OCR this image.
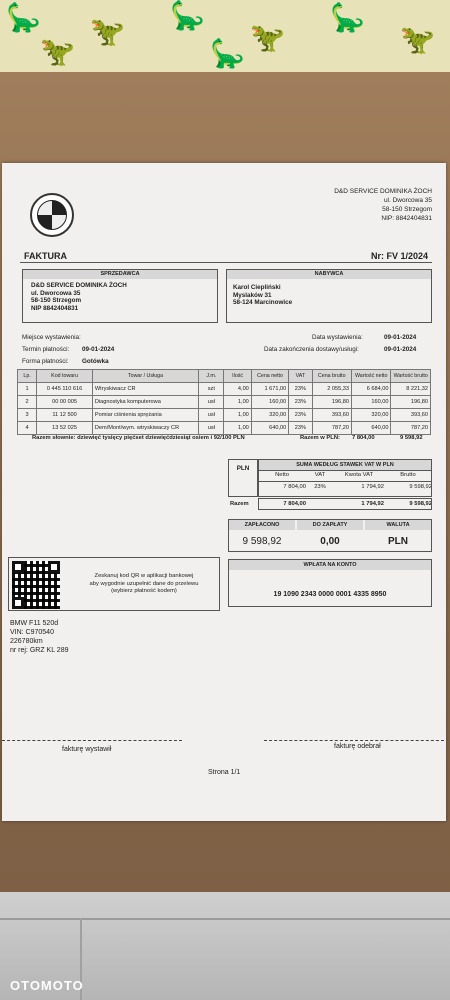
🦕 🦖
🦕
🦖
🦕
🦖
🦖	🦕
D&D SERVICE DOMINIKA ŻOCH
ul. Dworcowa 35
58-150 Strzegom
NIP: 8842404831
FAKTURA	Nr: FV 1/2024
SPRZEDAWCA
D&D SERVICE DOMINIKA ŻOCH
ul. Dworcowa 35
58-150 Strzegom
NIP 8842404831
NABYWCA
Karol Ciepliński
Myslaków 31
58-124 Marcinowice
Miejsce wystawienia:
Termin płatności: 09-01-2024
Forma płatności: Gotówka
Data wystawienia:	09-01-2024
Data zakończenia dostawy/usługi:	09-01-2024
Lp.	Kod towaru	Towar / Usługa	J.m.	Ilość	Cena netto	VAT	Cena brutto	Wartość netto	Wartość brutto
1	0 445 110 616	Wtryskiwacz CR	szt	4,00	1 671,00	23%	2 055,33	6 684,00	8 221,32
2	00 00 005	Diagnostyka komputerowa	usł	1,00	160,00	23%	196,80	160,00	196,80
3	11 12 500	Pomiar ciśnienia sprężania	usł	1,00	320,00	23%	393,60	320,00	393,60
4	13 52 025	Dem/Mont/wym. wtryskiwaczy CR	usł	1,00	640,00	23%	787,20	640,00	787,20
Razem słownie: dziewięć tysięcy pięćset dziewięćdziesiąt osiem i 92/100 PLN	Razem w PLN: 7 804,00	9 598,92
PLN	SUMA WEDŁUG STAWEK VAT W PLN
Netto	VAT	Kwota VAT	Brutto
7 804,00	23%	1 794,92	9 598,92
Razem	7 804,00	1 794,92	9 598,92
ZAPŁACONO	DO ZAPŁATY	WALUTA
9 598,92	0,00	PLN
WPŁATA NA KONTO
19 1090 2343 0000 0001 4335 8950
Zeskanuj kod QR w aplikacji bankowej
aby wygodnie uzupełnić dane do przelewu
(wybierz płatność kodem)
BMW F11 520d
VIN: C970540
226780km
nr rej: GRZ KL 289
fakturę wystawił	fakturę odebrał
Strona 1/1
OTOMOTO
